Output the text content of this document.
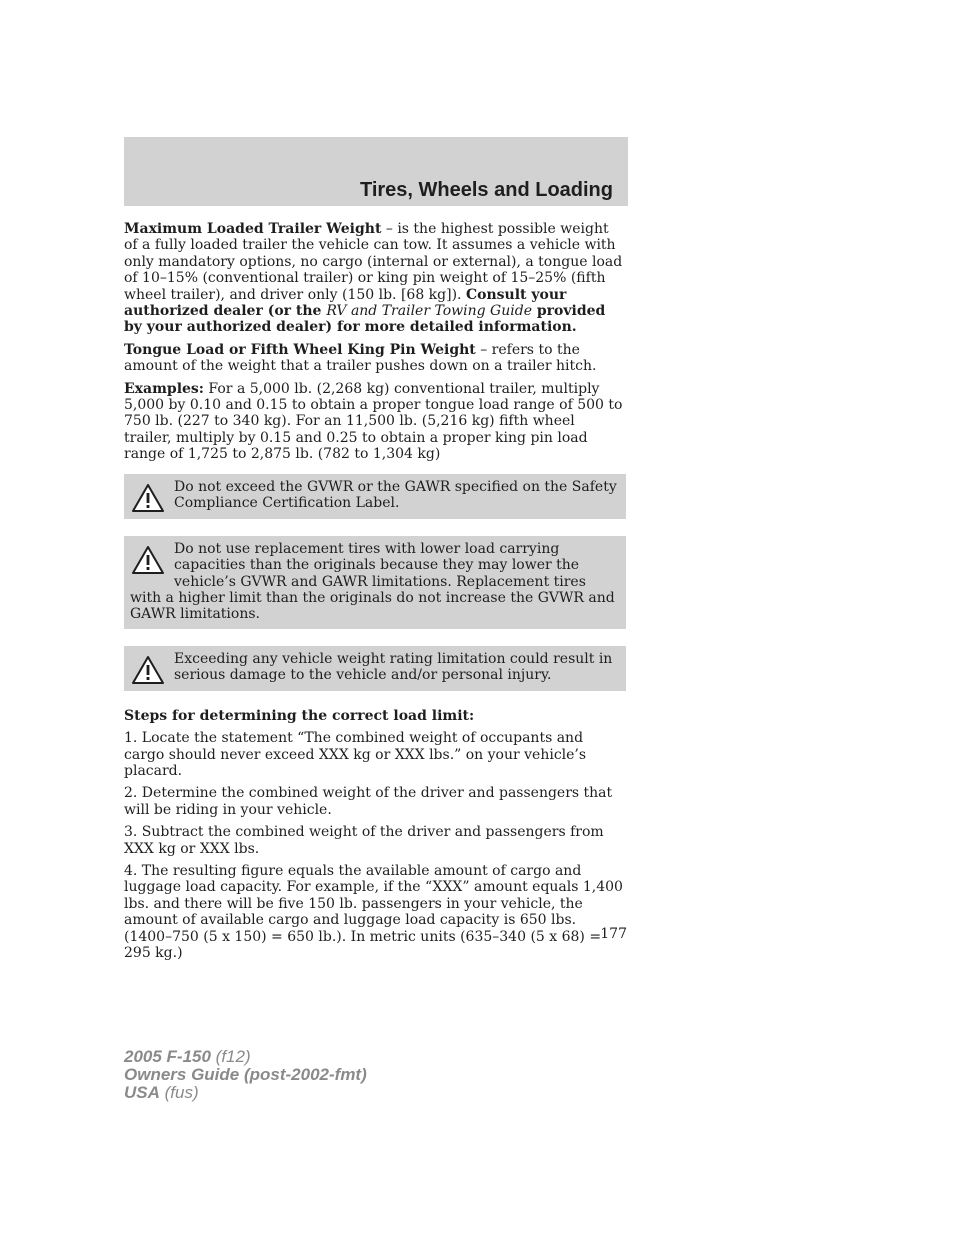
Tires, Wheels and Loading

Maximum Loaded Trailer Weight – is the highest possible weight of a fully loaded trailer the vehicle can tow. It assumes a vehicle with only mandatory options, no cargo (internal or external), a tongue load of 10–15% (conventional trailer) or king pin weight of 15–25% (fifth wheel trailer), and driver only (150 lb. [68 kg]). Consult your authorized dealer (or the RV and Trailer Towing Guide provided by your authorized dealer) for more detailed information.

Tongue Load or Fifth Wheel King Pin Weight – refers to the amount of the weight that a trailer pushes down on a trailer hitch.

Examples: For a 5,000 lb. (2,268 kg) conventional trailer, multiply 5,000 by 0.10 and 0.15 to obtain a proper tongue load range of 500 to 750 lb. (227 to 340 kg). For an 11,500 lb. (5,216 kg) fifth wheel trailer, multiply by 0.15 and 0.25 to obtain a proper king pin load range of 1,725 to 2,875 lb. (782 to 1,304 kg)

Do not exceed the GVWR or the GAWR specified on the Safety Compliance Certification Label.
Do not use replacement tires with lower load carrying capacities than the originals because they may lower the vehicle’s GVWR and GAWR limitations. Replacement tires with a higher limit than the originals do not increase the GVWR and GAWR limitations.
Exceeding any vehicle weight rating limitation could result in serious damage to the vehicle and/or personal injury.

Steps for determining the correct load limit:

1. Locate the statement “The combined weight of occupants and cargo should never exceed XXX kg or XXX lbs.” on your vehicle’s placard.

2. Determine the combined weight of the driver and passengers that will be riding in your vehicle.

3. Subtract the combined weight of the driver and passengers from XXX kg or XXX lbs.

4. The resulting figure equals the available amount of cargo and luggage load capacity. For example, if the “XXX” amount equals 1,400 lbs. and there will be five 150 lb. passengers in your vehicle, the amount of available cargo and luggage load capacity is 650 lbs. (1400–750 (5 x 150) = 650 lb.). In metric units (635–340 (5 x 68) = 295 kg.)

177
2005 F-150 (f12)
Owners Guide (post-2002-fmt)
USA (fus)
